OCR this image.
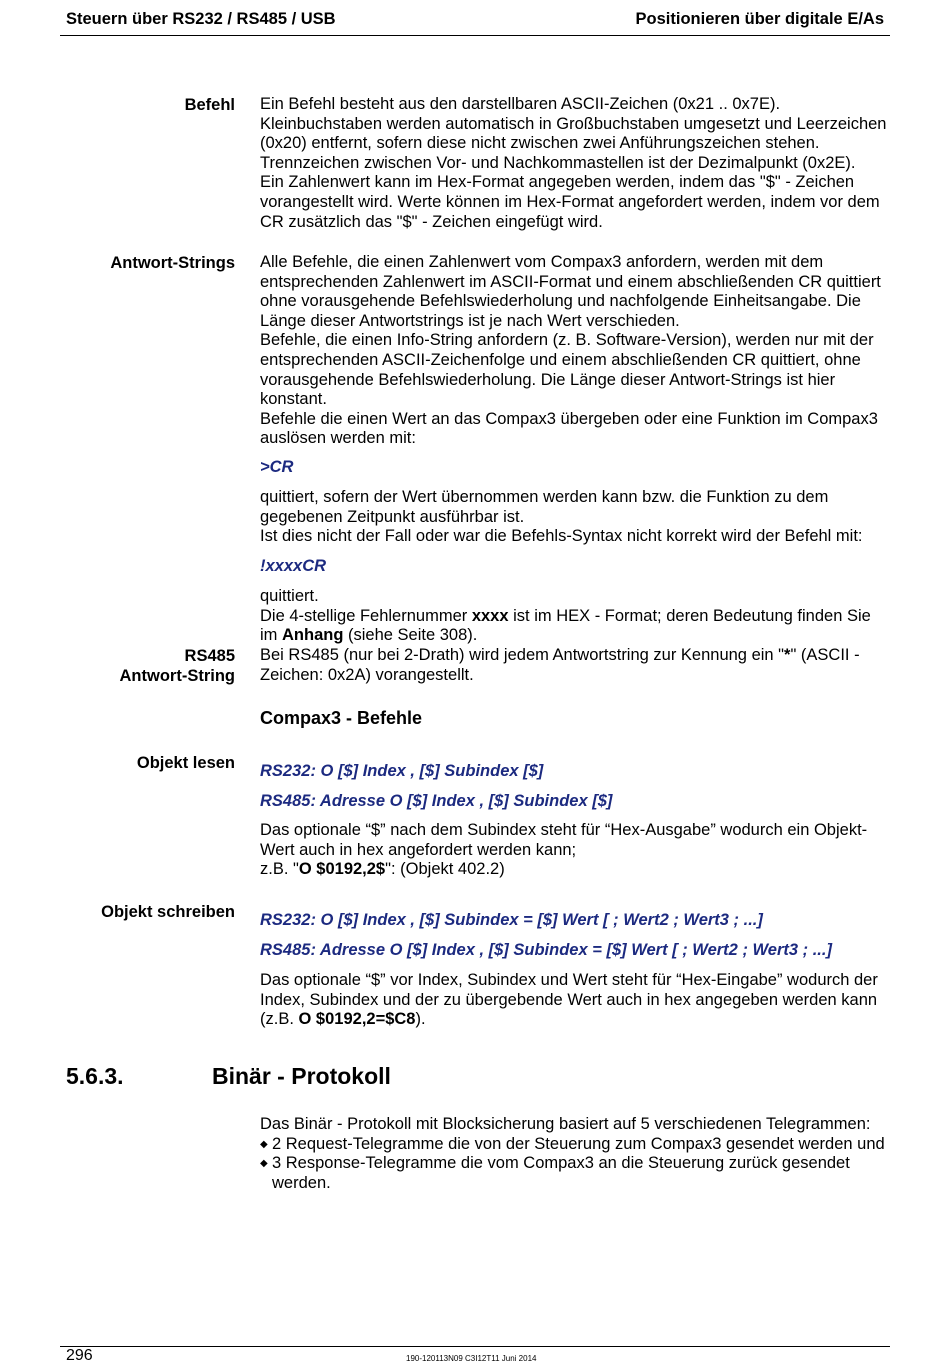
Steuern über RS232 / RS485 / USB	Positionieren über digitale E/As
Befehl Ein Befehl besteht aus den darstellbaren ASCII-Zeichen (0x21 .. 0x7E). Kleinbuchstaben werden automatisch in Großbuchstaben umgesetzt und Leerzeichen (0x20) entfernt, sofern diese nicht zwischen zwei Anführungszeichen stehen.

Trennzeichen zwischen Vor- und Nachkommastellen ist der Dezimalpunkt (0x2E).

Ein Zahlenwert kann im Hex-Format angegeben werden, indem das "$" - Zeichen vorangestellt wird. Werte können im Hex-Format angefordert werden, indem vor dem CR zusätzlich das "$" - Zeichen eingefügt wird.

Antwort-Strings Alle Befehle, die einen Zahlenwert vom Compax3 anfordern, werden mit dem entsprechenden Zahlenwert im ASCII-Format und einem abschließenden CR quittiert ohne vorausgehende Befehlswiederholung und nachfolgende Einheitsangabe. Die Länge dieser Antwortstrings ist je nach Wert verschieden.

Befehle, die einen Info-String anfordern (z. B. Software-Version), werden nur mit der entsprechenden ASCII-Zeichenfolge und einem abschließenden CR quittiert, ohne vorausgehende Befehlswiederholung. Die Länge dieser Antwort-Strings ist hier konstant.

Befehle die einen Wert an das Compax3 übergeben oder eine Funktion im Compax3 auslösen werden mit:

>CR

quittiert, sofern der Wert übernommen werden kann bzw. die Funktion zu dem gegebenen Zeitpunkt ausführbar ist.

Ist dies nicht der Fall oder war die Befehls-Syntax nicht korrekt wird der Befehl mit:

!xxxxCR

quittiert.

Die 4-stellige Fehlernummer xxxx ist im HEX - Format; deren Bedeutung finden Sie im Anhang (siehe Seite 308).

RS485
Antwort-String

Bei RS485 (nur bei 2-Drath) wird jedem Antwortstring zur Kennung ein "*" (ASCII - Zeichen: 0x2A) vorangestellt.

Compax3 - Befehle
Objekt lesen RS232: O [$] Index , [$] Subindex [$]
RS485: Adresse O [$] Index , [$] Subindex [$]

Das optionale “$” nach dem Subindex steht für “Hex-Ausgabe” wodurch ein Objekt-Wert auch in hex angefordert werden kann;

z.B. "O $0192,2$": (Objekt 402.2)

Objekt schreiben RS232: O [$] Index , [$] Subindex = [$] Wert [ ; Wert2 ; Wert3 ; ...]
RS485: Adresse O [$] Index , [$] Subindex = [$] Wert [ ; Wert2 ; Wert3 ; ...]

Das optionale “$” vor Index, Subindex und Wert steht für “Hex-Eingabe” wodurch der Index, Subindex und der zu übergebende Wert auch in hex angegeben werden kann (z.B. O $0192,2=$C8).

5.6.3.	Binär - Protokoll

Das Binär - Protokoll mit Blocksicherung basiert auf 5 verschiedenen Telegrammen:

◆ 2 Request-Telegramme die von der Steuerung zum Compax3 gesendet werden und
◆ 3 Response-Telegramme die vom Compax3 an die Steuerung zurück gesendet werden.
296	190-120113N09 C3I12T11 Juni 2014
